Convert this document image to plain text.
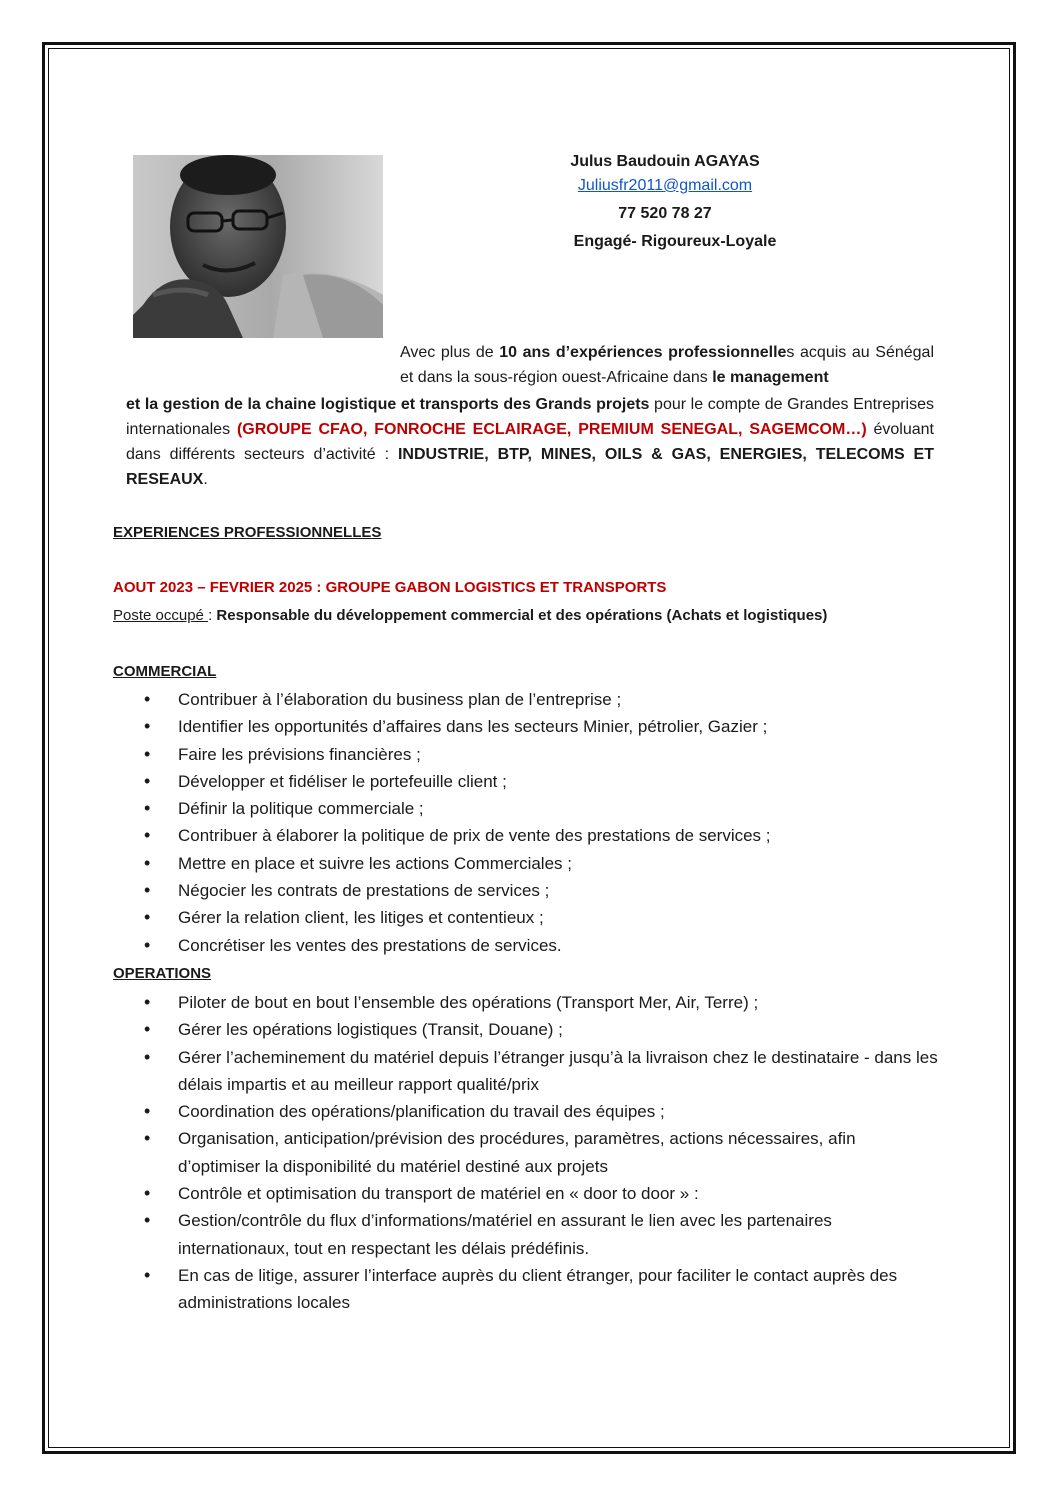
Julus Baudouin AGAYAS

Juliusfr2011@gmail.com
77 520 78 27

Engagé- Rigoureux-Loyale
Avec plus de 10 ans d’expériences professionnelles acquis au Sénégal et dans la sous-région ouest-Africaine dans le management
et la gestion de la chaine logistique et transports des Grands projets pour le compte de Grandes Entreprises internationales (GROUPE CFAO, FONROCHE ECLAIRAGE, PREMIUM SENEGAL, SAGEMCOM…) évoluant dans différents secteurs d’activité : INDUSTRIE, BTP, MINES, OILS & GAS, ENERGIES, TELECOMS ET RESEAUX.
EXPERIENCES PROFESSIONNELLES
AOUT 2023 – FEVRIER 2025 : GROUPE GABON LOGISTICS ET TRANSPORTS
Poste occupé : Responsable du développement commercial et des opérations (Achats et logistiques)
COMMERCIAL
• Contribuer à l’élaboration du business plan de l’entreprise ;
• Identifier les opportunités d’affaires dans les secteurs Minier, pétrolier, Gazier ;
• Faire les prévisions financières ;
• Développer et fidéliser le portefeuille client ;
• Définir la politique commerciale ;
• Contribuer à élaborer la politique de prix de vente des prestations de services ;
• Mettre en place et suivre les actions Commerciales ;
• Négocier les contrats de prestations de services ;
• Gérer la relation client, les litiges et contentieux ;
• Concrétiser les ventes des prestations de services.
OPERATIONS
• Piloter de bout en bout l’ensemble des opérations (Transport Mer, Air, Terre) ;
• Gérer les opérations logistiques (Transit, Douane) ;
• Gérer l’acheminement du matériel depuis l’étranger jusqu’à la livraison chez le destinataire - dans les délais impartis et au meilleur rapport qualité/prix
• Coordination des opérations/planification du travail des équipes ;
• Organisation, anticipation/prévision des procédures, paramètres, actions nécessaires, afin d’optimiser la disponibilité du matériel destiné aux projets
• Contrôle et optimisation du transport de matériel en « door to door » :
• Gestion/contrôle du flux d’informations/matériel en assurant le lien avec les partenaires internationaux, tout en respectant les délais prédéfinis.
• En cas de litige, assurer l’interface auprès du client étranger, pour faciliter le contact auprès des administrations locales
